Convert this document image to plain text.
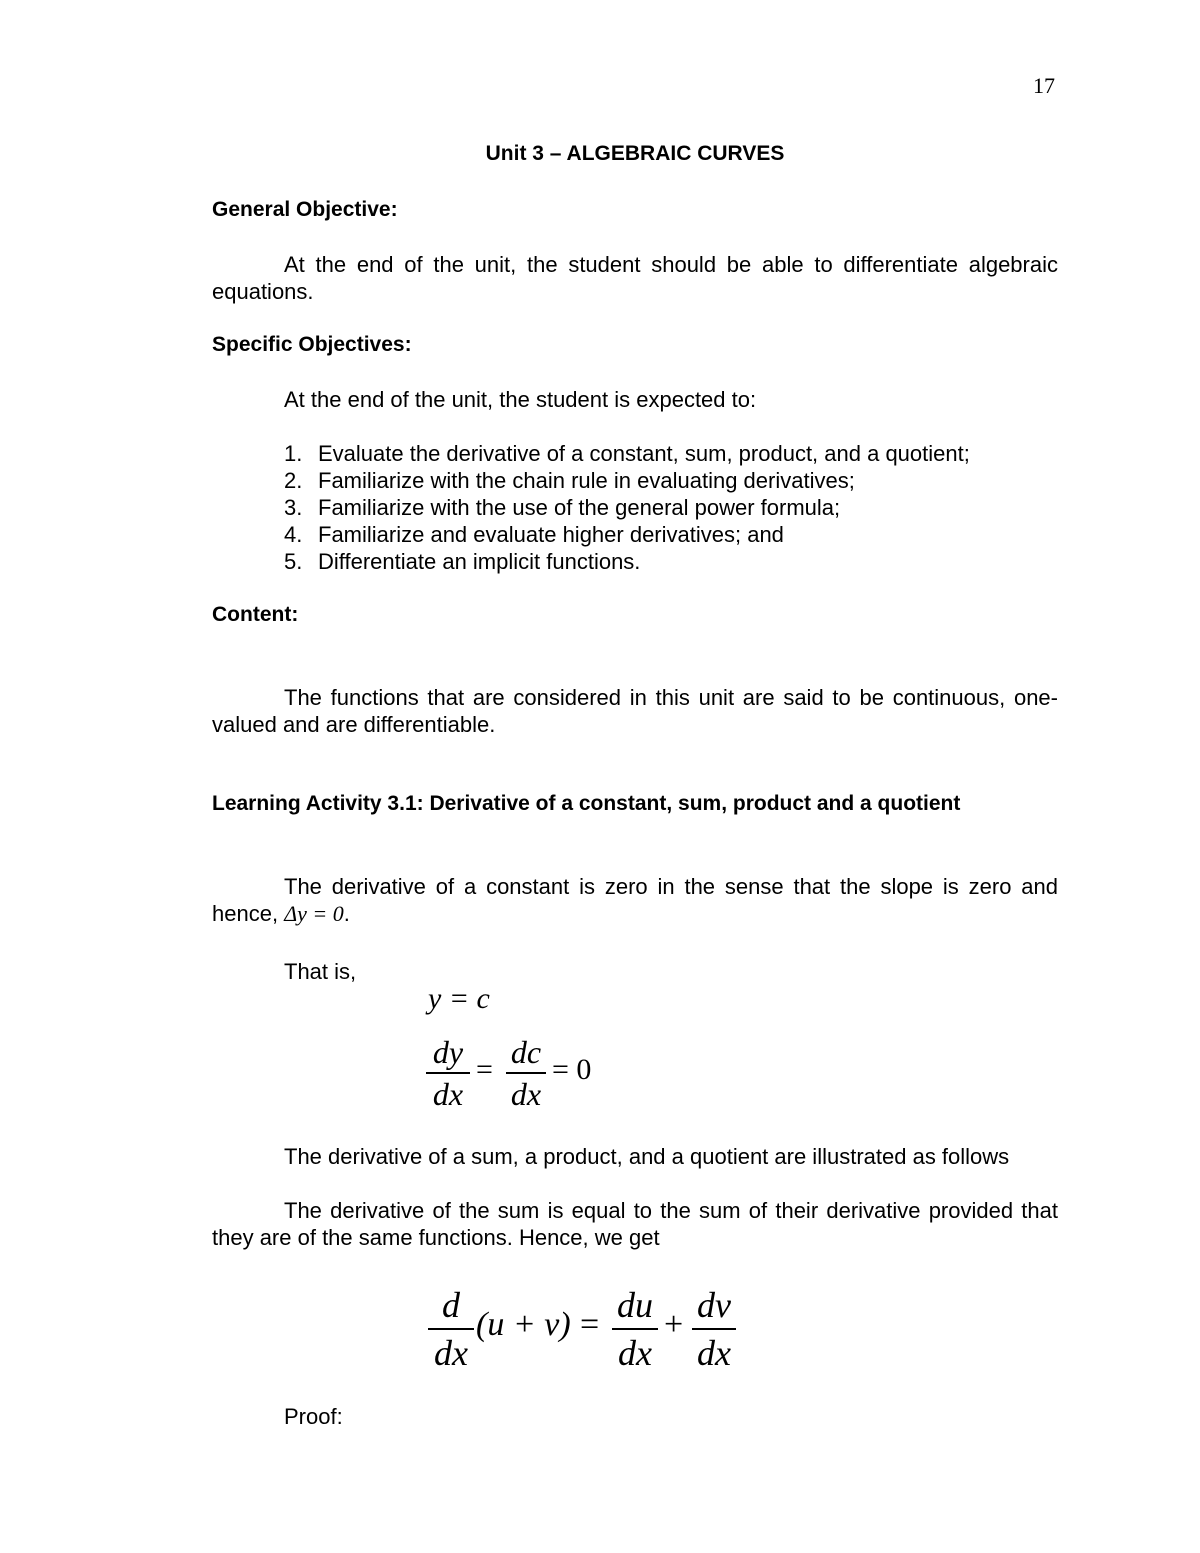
17
Unit 3 – ALGEBRAIC CURVES
General Objective:
At the end of the unit, the student should be able to differentiate algebraic equations.
Specific Objectives:
At the end of the unit, the student is expected to:
1. Evaluate the derivative of a constant, sum, product, and a quotient;
2. Familiarize with the chain rule in evaluating derivatives;
3. Familiarize with the use of the general power formula;
4. Familiarize and evaluate higher derivatives; and
5. Differentiate an implicit functions.
Content:
The functions that are considered in this unit are said to be continuous, one-valued and are differentiable.
Learning Activity 3.1: Derivative of a constant, sum, product and a quotient
The derivative of a constant is zero in the sense that the slope is zero and hence, Δy = 0.
That is,
y = c
dy
dx
= dc
dx
= 0
The derivative of a sum, a product, and a quotient are illustrated as follows
The derivative of the sum is equal to the sum of their derivative provided that they are of the same functions. Hence, we get
d
dx
(u + v) = du
dx
+ dv
dx
Proof:
